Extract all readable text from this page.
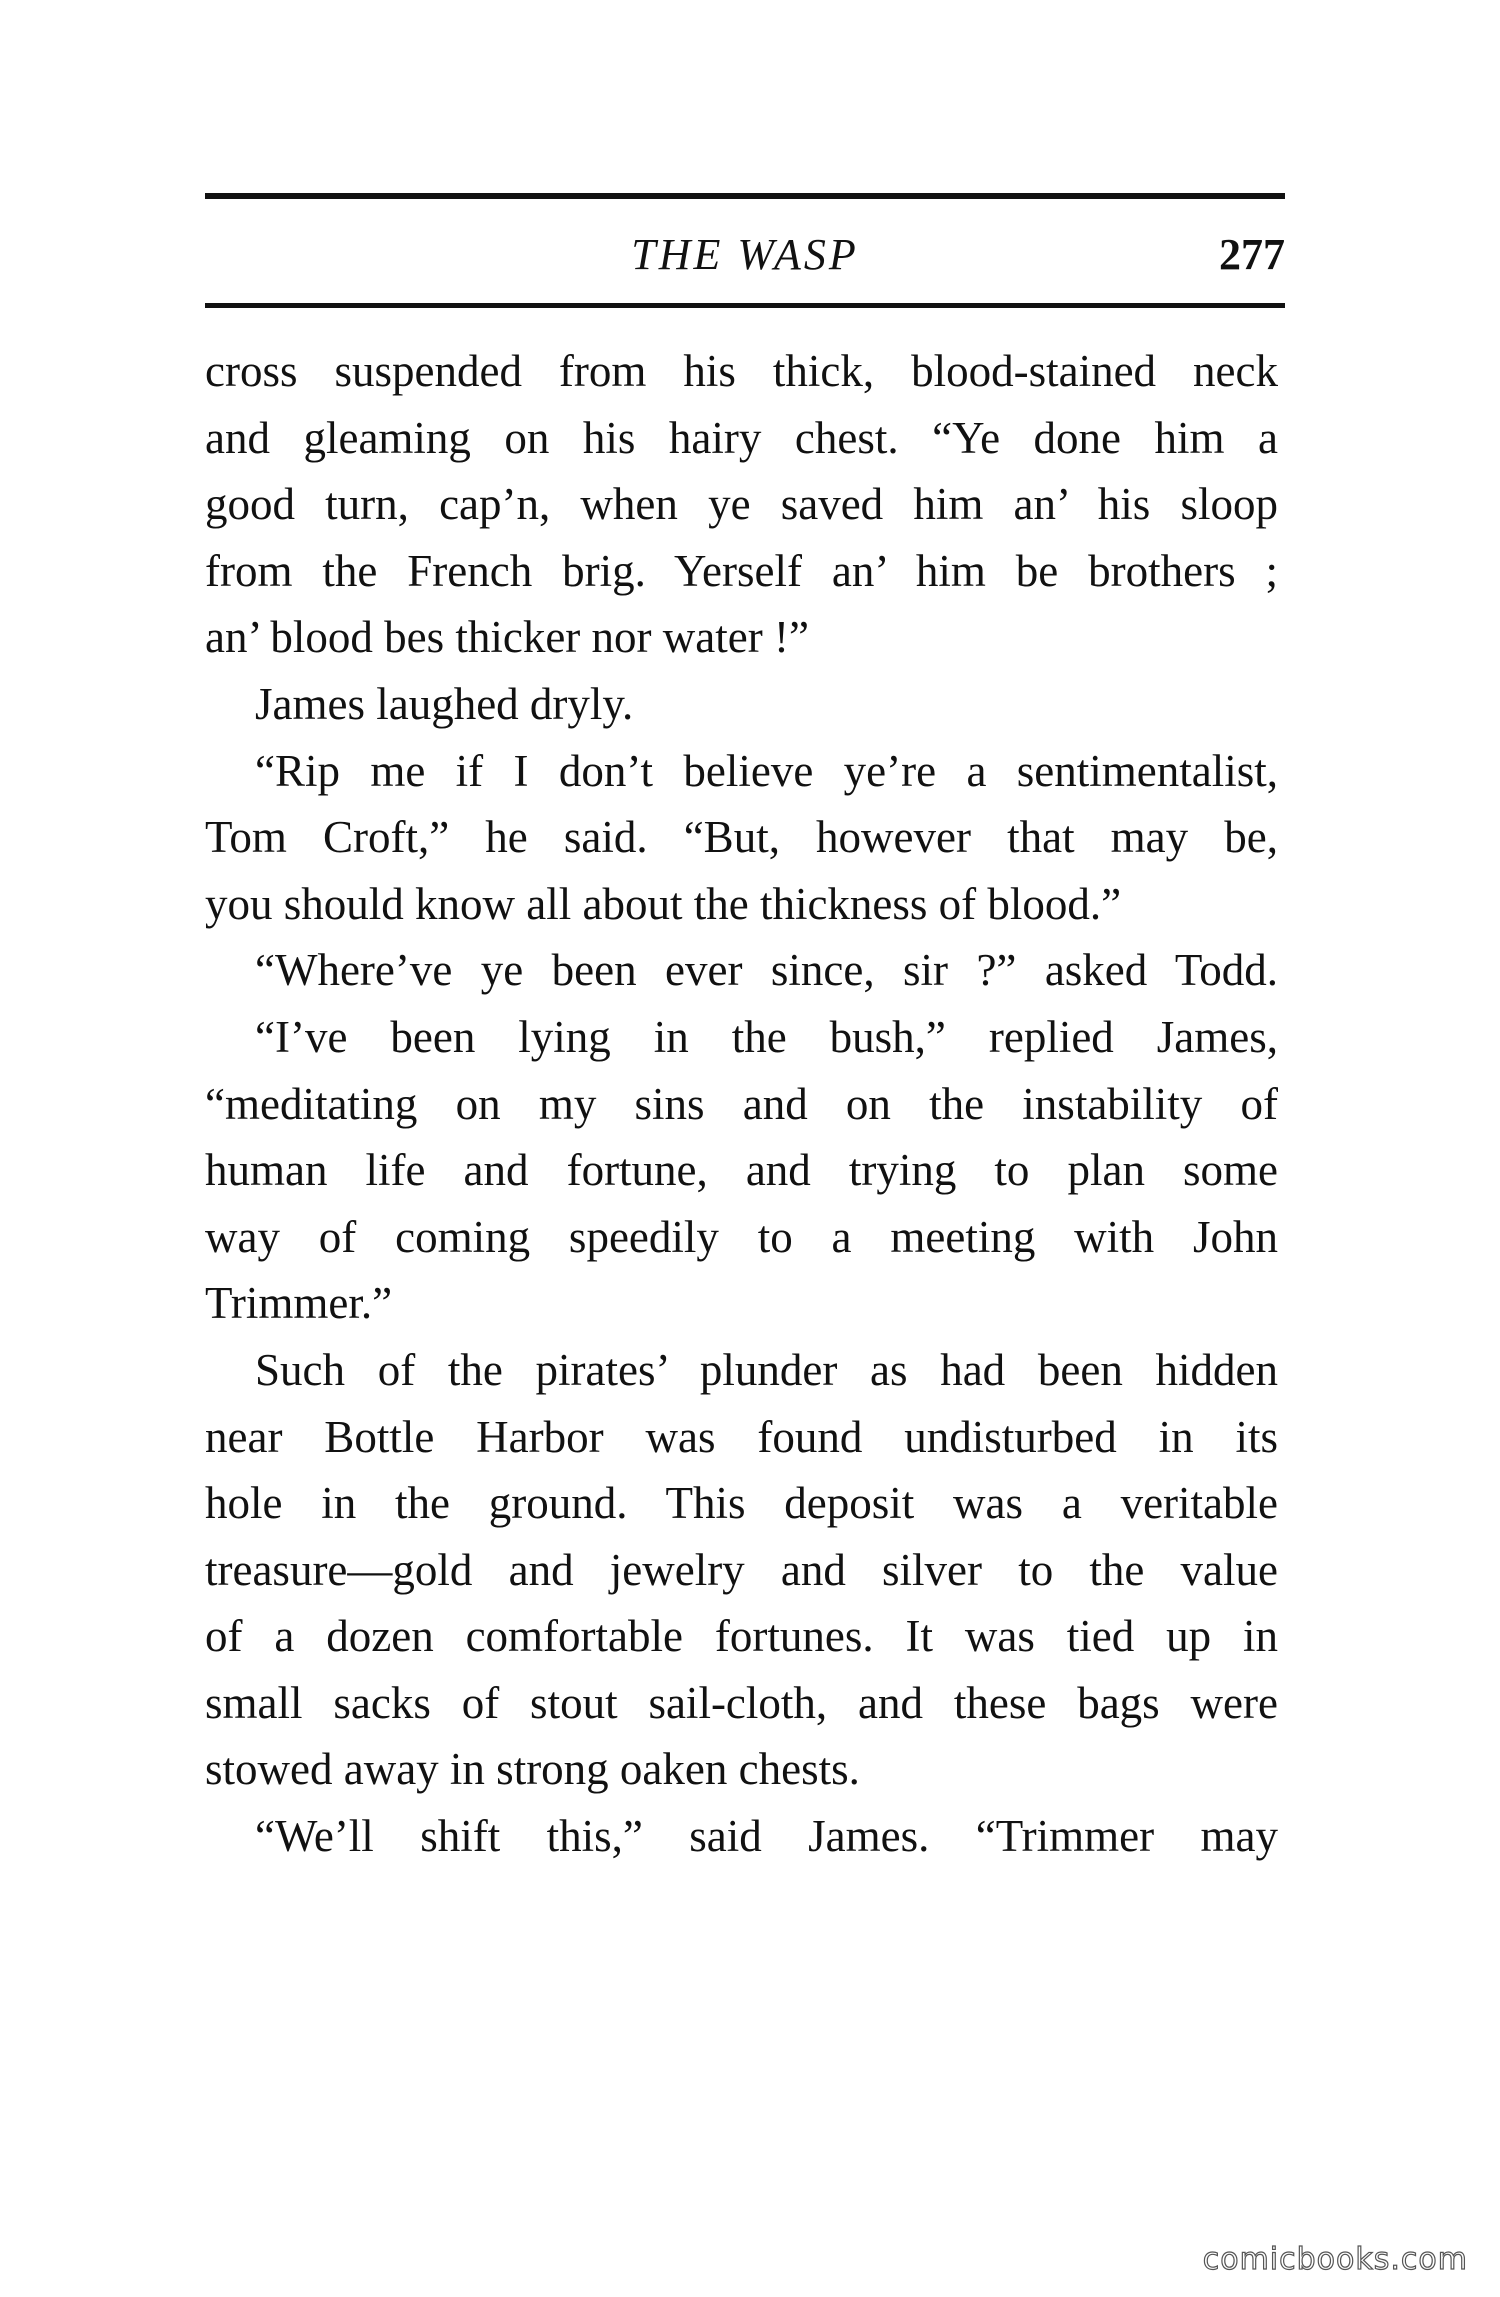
THE WASP	277
cross suspended from his thick, blood-stained neck
and gleaming on his hairy chest. “Ye done him a
good turn, cap’n, when ye saved him an’ his sloop
from the French brig. Yerself an’ him be brothers ;
an’ blood bes thicker nor water !”
James laughed dryly.
“Rip me if I don’t believe ye’re a sentimentalist,
Tom Croft,” he said. “But, however that may be,
you should know all about the thickness of blood.”
“Where’ve ye been ever since, sir ?” asked Todd.
“I’ve been lying in the bush,” replied James,
“meditating on my sins and on the instability of
human life and fortune, and trying to plan some
way of coming speedily to a meeting with John
Trimmer.”
Such of the pirates’ plunder as had been hidden
near Bottle Harbor was found undisturbed in its
hole in the ground. This deposit was a veritable
treasure—gold and jewelry and silver to the value
of a dozen comfortable fortunes. It was tied up in
small sacks of stout sail-cloth, and these bags were
stowed away in strong oaken chests.
“We’ll shift this,” said James. “Trimmer may
comicbooks.com
